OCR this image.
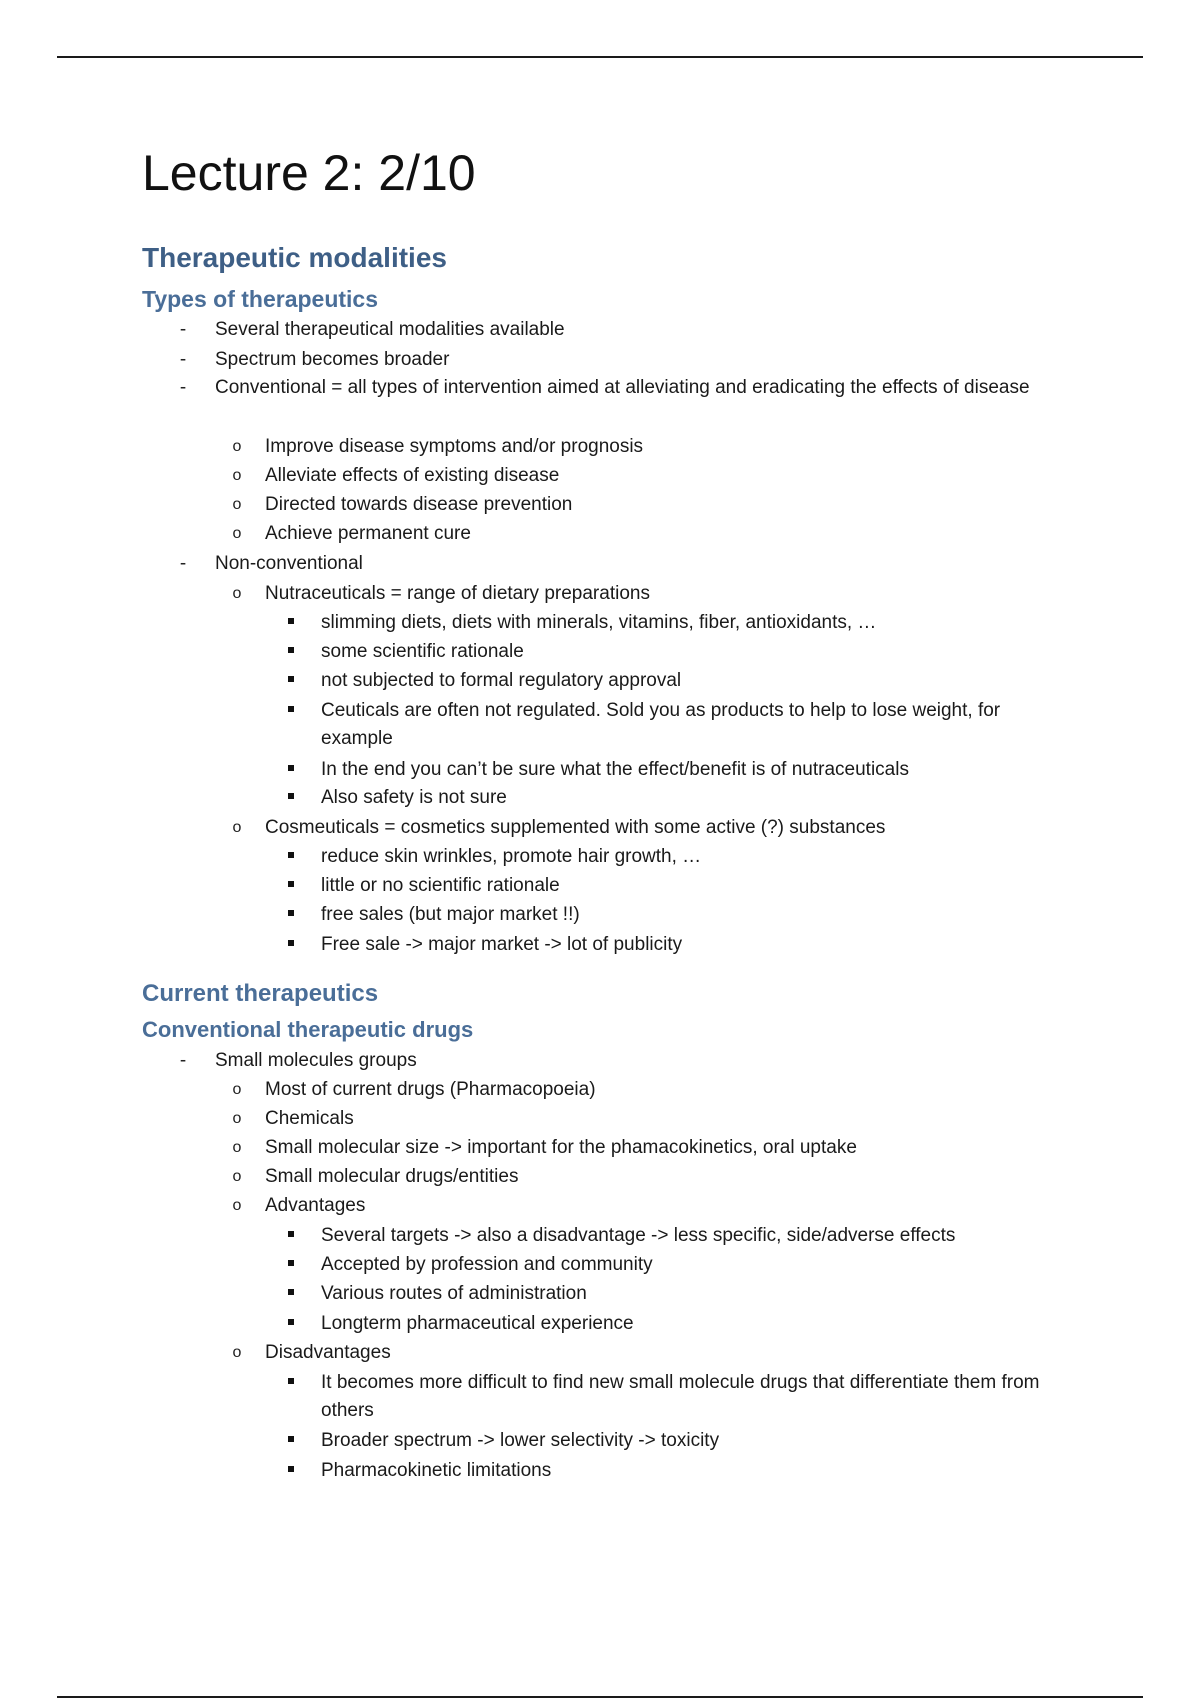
Lecture 2: 2/10
Therapeutic modalities
Types of therapeutics
-	Several therapeutical modalities available
-	Spectrum becomes broader
-	Conventional = all types of intervention aimed at alleviating and eradicating the effects of disease
o Improve disease symptoms and/or prognosis
o Alleviate effects of existing disease
o Directed towards disease prevention
o Achieve permanent cure
-	Non-conventional
o Nutraceuticals = range of dietary preparations
slimming diets, diets with minerals, vitamins, fiber, antioxidants, …
some scientific rationale
not subjected to formal regulatory approval
Ceuticals are often not regulated. Sold you as products to help to lose weight, for example
In the end you can’t be sure what the effect/benefit is of nutraceuticals
Also safety is not sure
o Cosmeuticals = cosmetics supplemented with some active (?) substances
reduce skin wrinkles, promote hair growth, …
little or no scientific rationale
free sales (but major market !!)
Free sale -> major market -> lot of publicity
Current therapeutics
Conventional therapeutic drugs
-	Small molecules groups
o Most of current drugs (Pharmacopoeia)
o Chemicals
o Small molecular size -> important for the phamacokinetics, oral uptake
o Small molecular drugs/entities
o Advantages
Several targets -> also a disadvantage -> less specific, side/adverse effects
Accepted by profession and community
Various routes of administration
Longterm pharmaceutical experience
o Disadvantages
It becomes more difficult to find new small molecule drugs that differentiate them from others
Broader spectrum -> lower selectivity -> toxicity
Pharmacokinetic limitations
